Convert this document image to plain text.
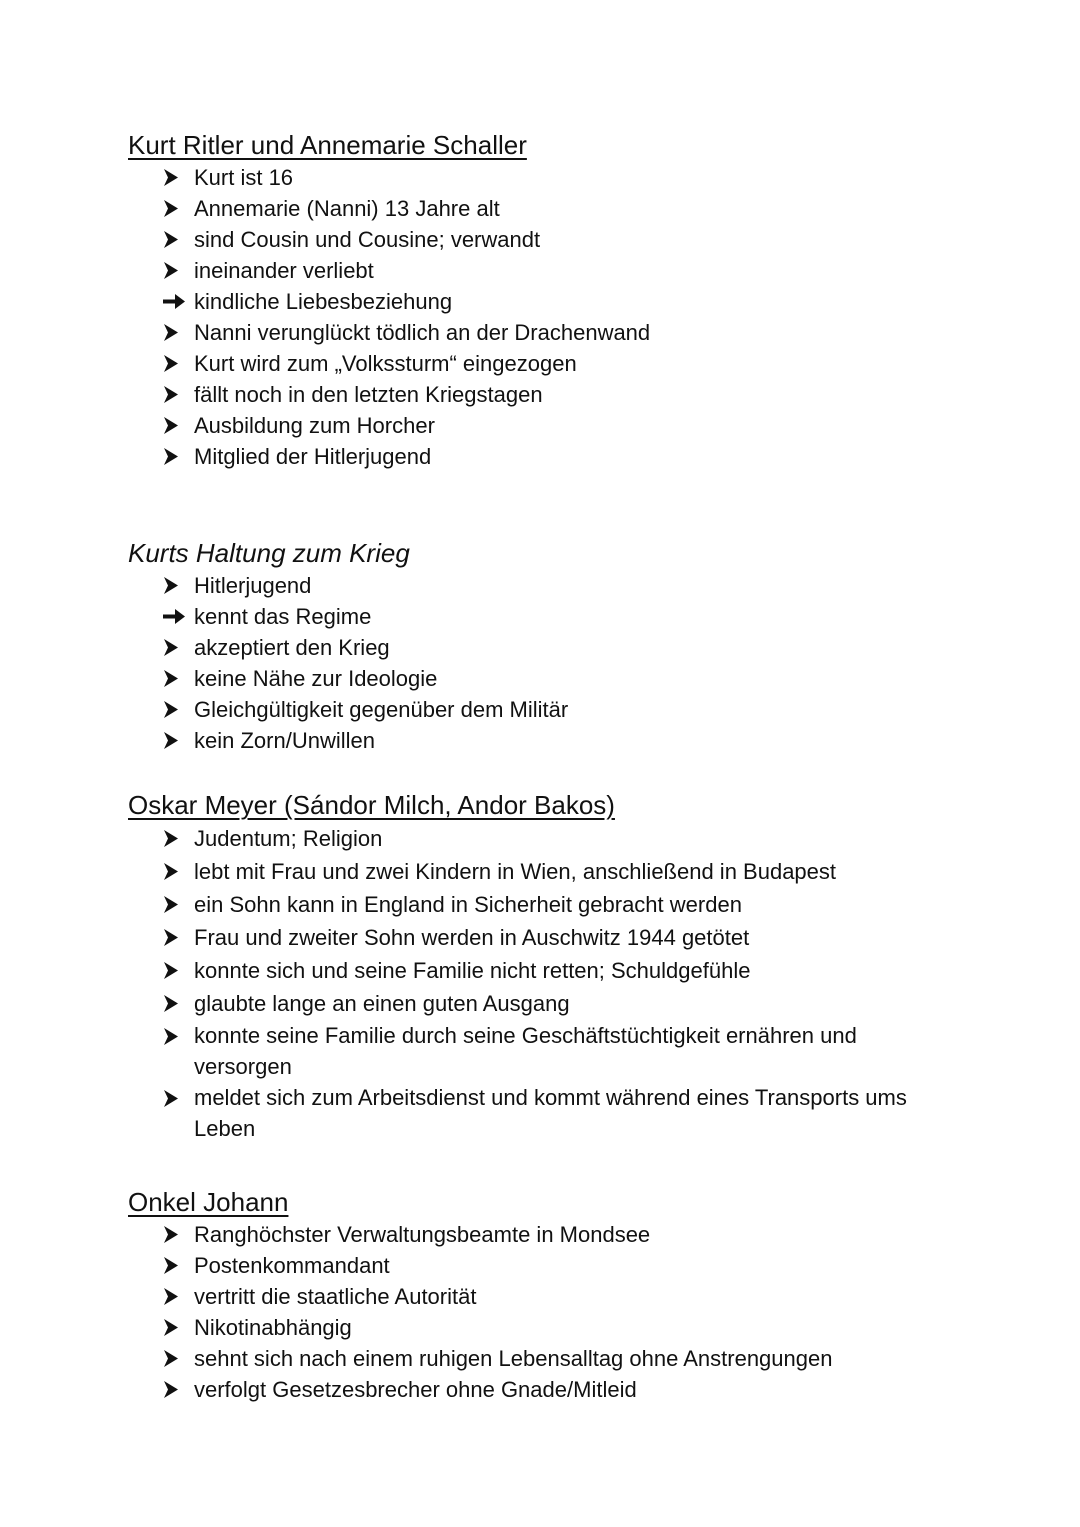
Kurt Ritler und Annemarie Schaller
Kurt ist 16
Annemarie (Nanni) 13 Jahre alt
sind Cousin und Cousine; verwandt
ineinander verliebt
kindliche Liebesbeziehung
Nanni verunglückt tödlich an der Drachenwand
Kurt wird zum „Volkssturm“ eingezogen
fällt noch in den letzten Kriegstagen
Ausbildung zum Horcher
Mitglied der Hitlerjugend
Kurts Haltung zum Krieg
Hitlerjugend
kennt das Regime
akzeptiert den Krieg
keine Nähe zur Ideologie
Gleichgültigkeit gegenüber dem Militär
kein Zorn/Unwillen
Oskar Meyer (Sándor Milch, Andor Bakos)
Judentum; Religion
lebt mit Frau und zwei Kindern in Wien, anschließend in Budapest
ein Sohn kann in England in Sicherheit gebracht werden
Frau und zweiter Sohn werden in Auschwitz 1944 getötet
konnte sich und seine Familie nicht retten; Schuldgefühle
glaubte lange an einen guten Ausgang
konnte seine Familie durch seine Geschäftstüchtigkeit ernähren und versorgen
meldet sich zum Arbeitsdienst und kommt während eines Transports ums Leben
Onkel Johann
Ranghöchster Verwaltungsbeamte in Mondsee
Postenkommandant
vertritt die staatliche Autorität
Nikotinabhängig
sehnt sich nach einem ruhigen Lebensalltag ohne Anstrengungen
verfolgt Gesetzesbrecher ohne Gnade/Mitleid
